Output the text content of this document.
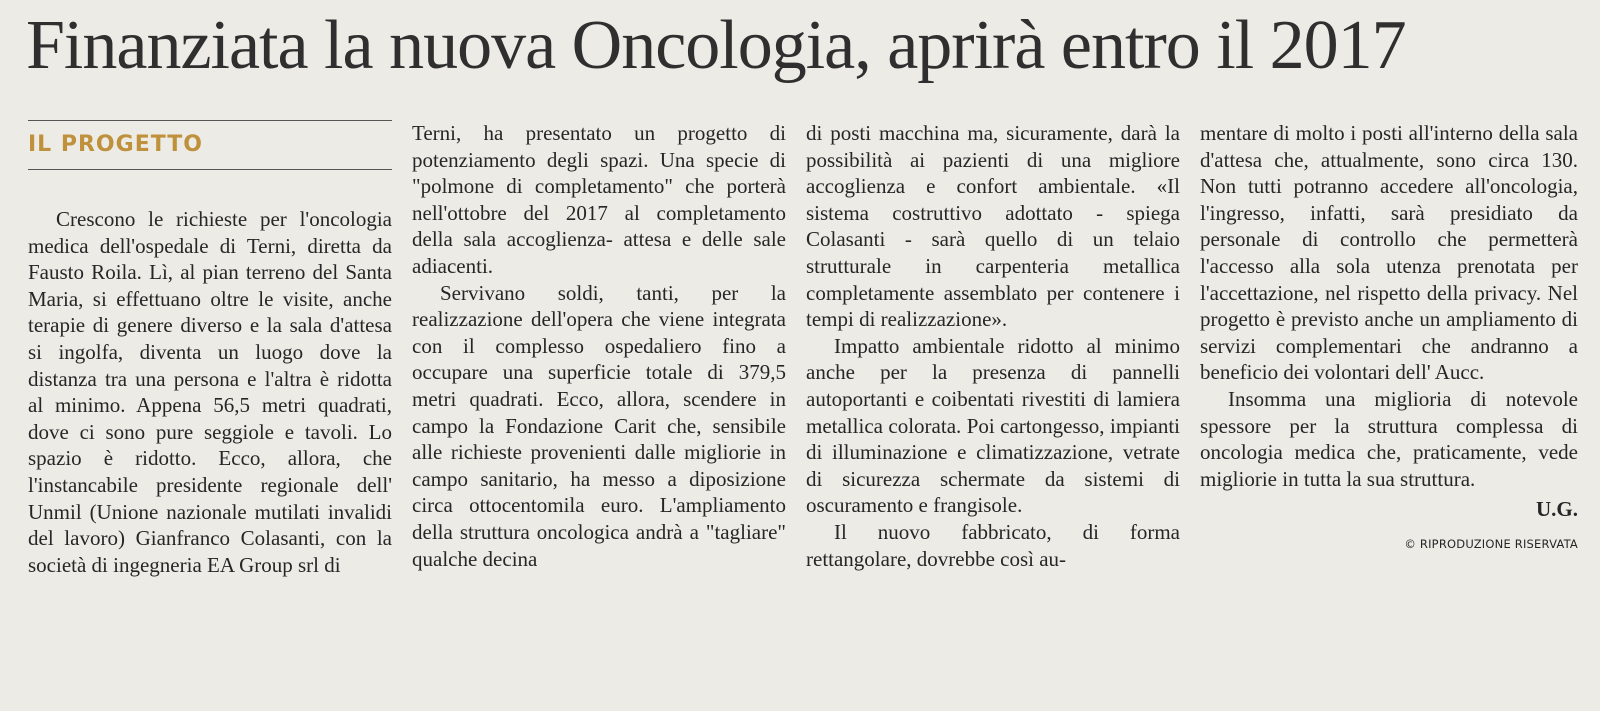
Finanziata la nuova Oncologia, aprirà entro il 2017
IL PROGETTO

Crescono le richieste per l'oncologia medica dell'ospedale di Terni, diretta da Fausto Roila. Lì, al pian terreno del Santa Maria, si effettuano oltre le visite, anche terapie di genere diverso e la sala d'attesa si ingolfa, diventa un luogo dove la distanza tra una persona e l'altra è ridotta al minimo. Appena 56,5 metri quadrati, dove ci sono pure seggiole e tavoli. Lo spazio è ridotto. Ecco, allora, che l'instancabile presidente regionale dell' Unmil (Unione nazionale mutilati invalidi del lavoro) Gianfranco Colasanti, con la società di ingegneria EA Group srl di

Terni, ha presentato un progetto di potenziamento degli spazi. Una specie di "polmone di completamento" che porterà nell'ottobre del 2017 al completamento della sala accoglienza- attesa e delle sale adiacenti.

Servivano soldi, tanti, per la realizzazione dell'opera che viene integrata con il complesso ospedaliero fino a occupare una superficie totale di 379,5 metri quadrati. Ecco, allora, scendere in campo la Fondazione Carit che, sensibile alle richieste provenienti dalle migliorie in campo sanitario, ha messo a diposizione circa ottocentomila euro. L'ampliamento della struttura oncologica andrà a "tagliare" qualche decina

di posti macchina ma, sicuramente, darà la possibilità ai pazienti di una migliore accoglienza e confort ambientale. «Il sistema costruttivo adottato - spiega Colasanti - sarà quello di un telaio strutturale in carpenteria metallica completamente assemblato per contenere i tempi di realizzazione».

Impatto ambientale ridotto al minimo anche per la presenza di pannelli autoportanti e coibentati rivestiti di lamiera metallica colorata. Poi cartongesso, impianti di illuminazione e climatizzazione, vetrate di sicurezza schermate da sistemi di oscuramento e frangisole.

Il nuovo fabbricato, di forma rettangolare, dovrebbe così au-

mentare di molto i posti all'interno della sala d'attesa che, attualmente, sono circa 130. Non tutti potranno accedere all'oncologia, l'ingresso, infatti, sarà presidiato da personale di controllo che permetterà l'accesso alla sola utenza prenotata per l'accettazione, nel rispetto della privacy. Nel progetto è previsto anche un ampliamento di servizi complementari che andranno a beneficio dei volontari dell' Aucc.

Insomma una miglioria di notevole spessore per la struttura complessa di oncologia medica che, praticamente, vede migliorie in tutta la sua struttura.

U.G.
© RIPRODUZIONE RISERVATA
